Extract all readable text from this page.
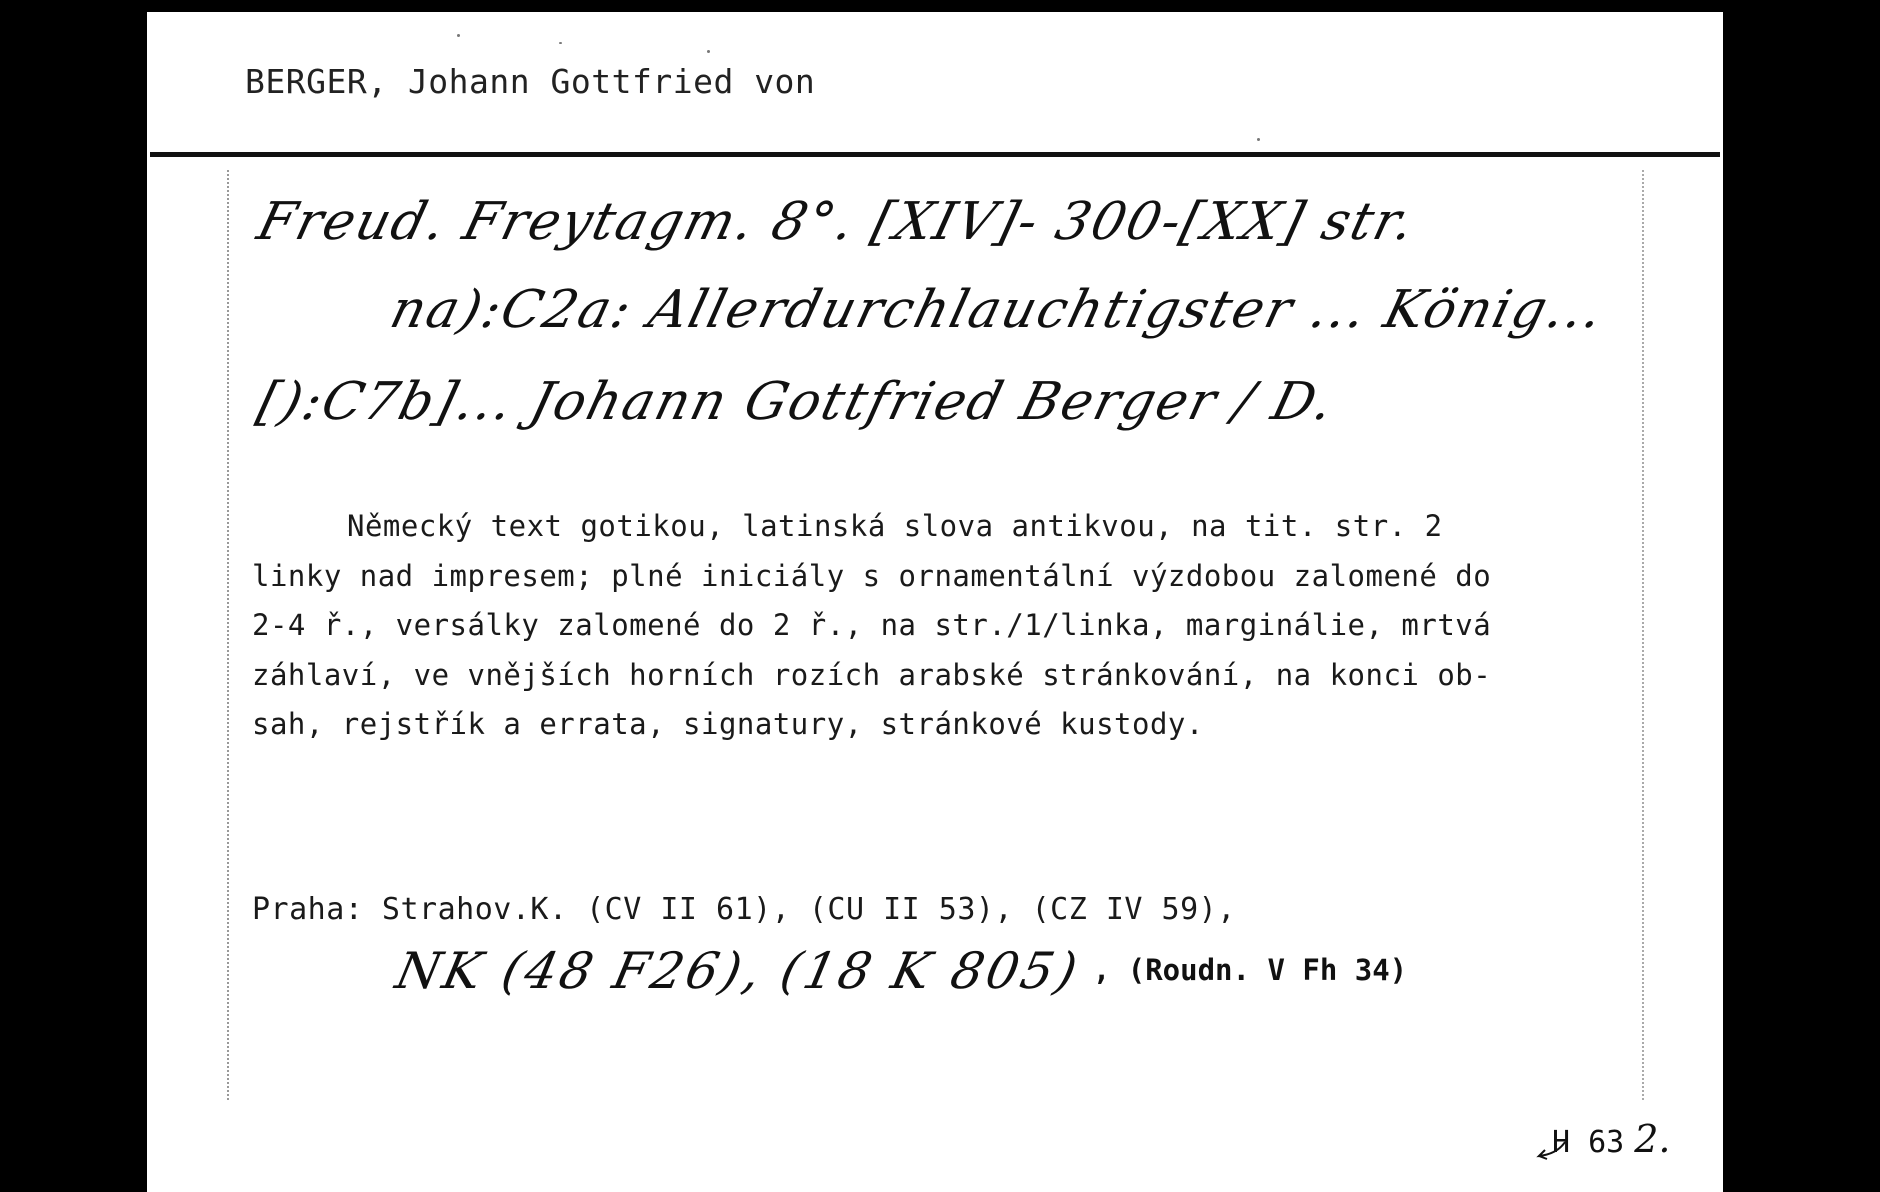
BERGER, Johann Gottfried von
Freud. Freytagm. 8°. [XIV]- 300-[XX] str.
na):C2a: Allerdurchlauchtigster ... König...
[):C7b]... Johann Gottfried Berger / D.
Německý text gotikou, latinská slova antikvou, na tit. str. 2
linky nad impresem; plné iniciály s ornamentální výzdobou zalomené do
2-4 ř., versálky zalomené do 2 ř., na str./1/linka, marginálie, mrtvá
záhlaví, ve vnějších horních rozích arabské stránkování, na konci ob-
sah, rejstřík a errata, signatury, stránkové kustody.
Praha: Strahov.K. (CV II 61), (CU II 53), (CZ IV 59),
NK (48 F26), (18 K 805) , (Roudn. V Fh 34)
H 63 2.
